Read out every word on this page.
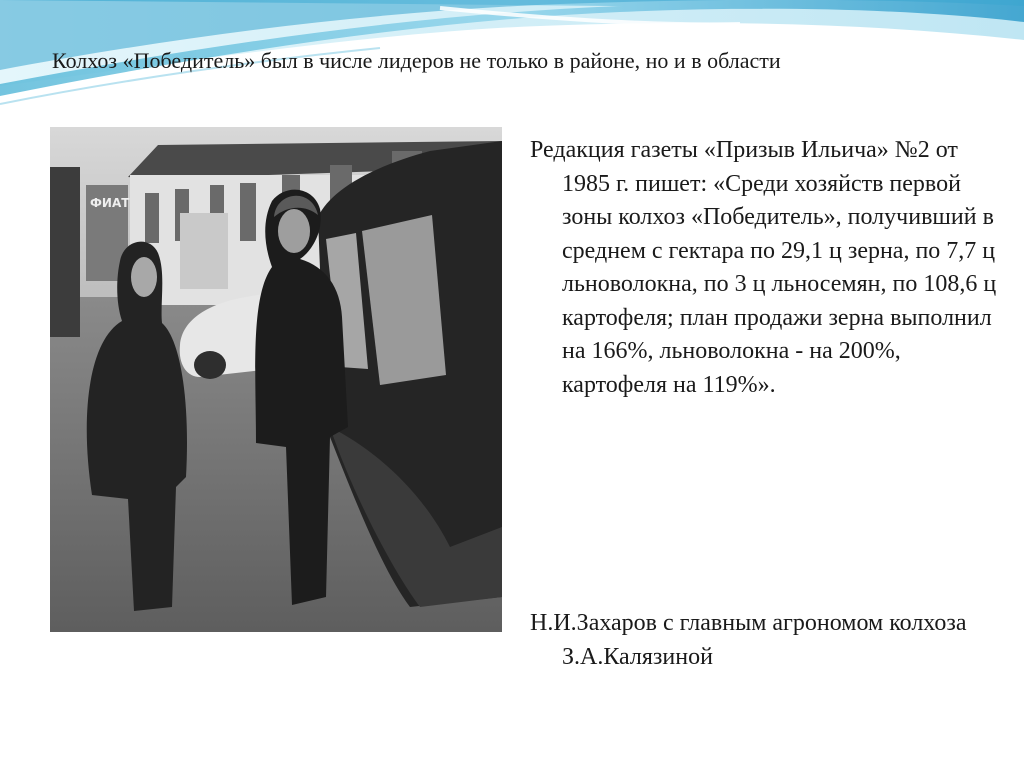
Колхоз «Победитель» был в числе лидеров не только в районе, но и в области
ФИАТ

Редакция газеты «Призыв Ильича» №2 от 1985 г. пишет: «Среди хозяйств первой зоны колхоз «Победитель», получивший в среднем с гектара по 29,1 ц зерна, по 7,7 ц льноволокна, по 3 ц льносемян, по 108,6 ц картофеля; план продажи зерна выполнил на 166%, льноволокна - на 200%, картофеля на 119%».

Н.И.Захаров с главным агрономом колхоза З.А.Калязиной
